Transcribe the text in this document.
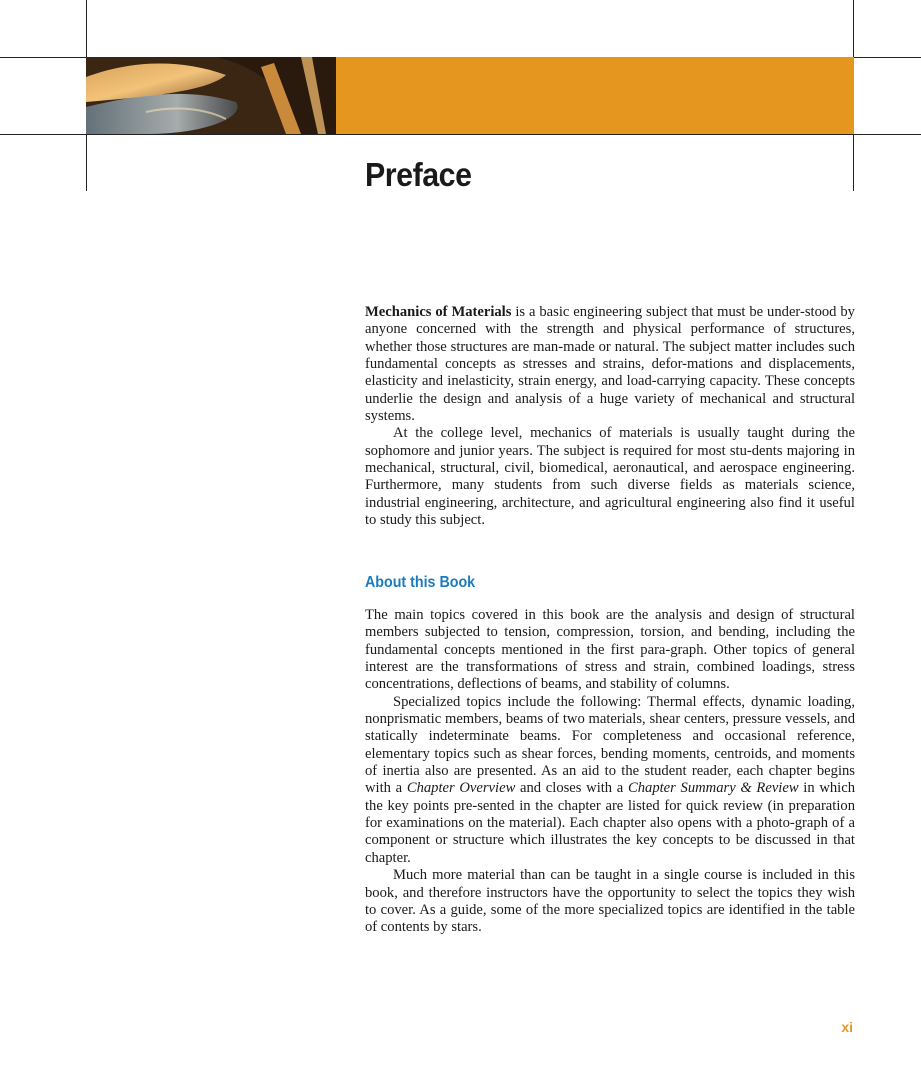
Preface

Mechanics of Materials is a basic engineering subject that must be under-stood by anyone concerned with the strength and physical performance of structures, whether those structures are man-made or natural. The subject matter includes such fundamental concepts as stresses and strains, defor-mations and displacements, elasticity and inelasticity, strain energy, and load-carrying capacity. These concepts underlie the design and analysis of a huge variety of mechanical and structural systems.

At the college level, mechanics of materials is usually taught during the sophomore and junior years. The subject is required for most stu-dents majoring in mechanical, structural, civil, biomedical, aeronautical, and aerospace engineering. Furthermore, many students from such diverse fields as materials science, industrial engineering, architecture, and agricultural engineering also find it useful to study this subject.

About this Book

The main topics covered in this book are the analysis and design of structural members subjected to tension, compression, torsion, and bending, including the fundamental concepts mentioned in the first para-graph. Other topics of general interest are the transformations of stress and strain, combined loadings, stress concentrations, deflections of beams, and stability of columns.

Specialized topics include the following: Thermal effects, dynamic loading, nonprismatic members, beams of two materials, shear centers, pressure vessels, and statically indeterminate beams. For completeness and occasional reference, elementary topics such as shear forces, bending moments, centroids, and moments of inertia also are presented. As an aid to the student reader, each chapter begins with a Chapter Overview and closes with a Chapter Summary & Review in which the key points pre-sented in the chapter are listed for quick review (in preparation for examinations on the material). Each chapter also opens with a photo-graph of a component or structure which illustrates the key concepts to be discussed in that chapter.

Much more material than can be taught in a single course is included in this book, and therefore instructors have the opportunity to select the topics they wish to cover. As a guide, some of the more specialized topics are identified in the table of contents by stars.

xi
